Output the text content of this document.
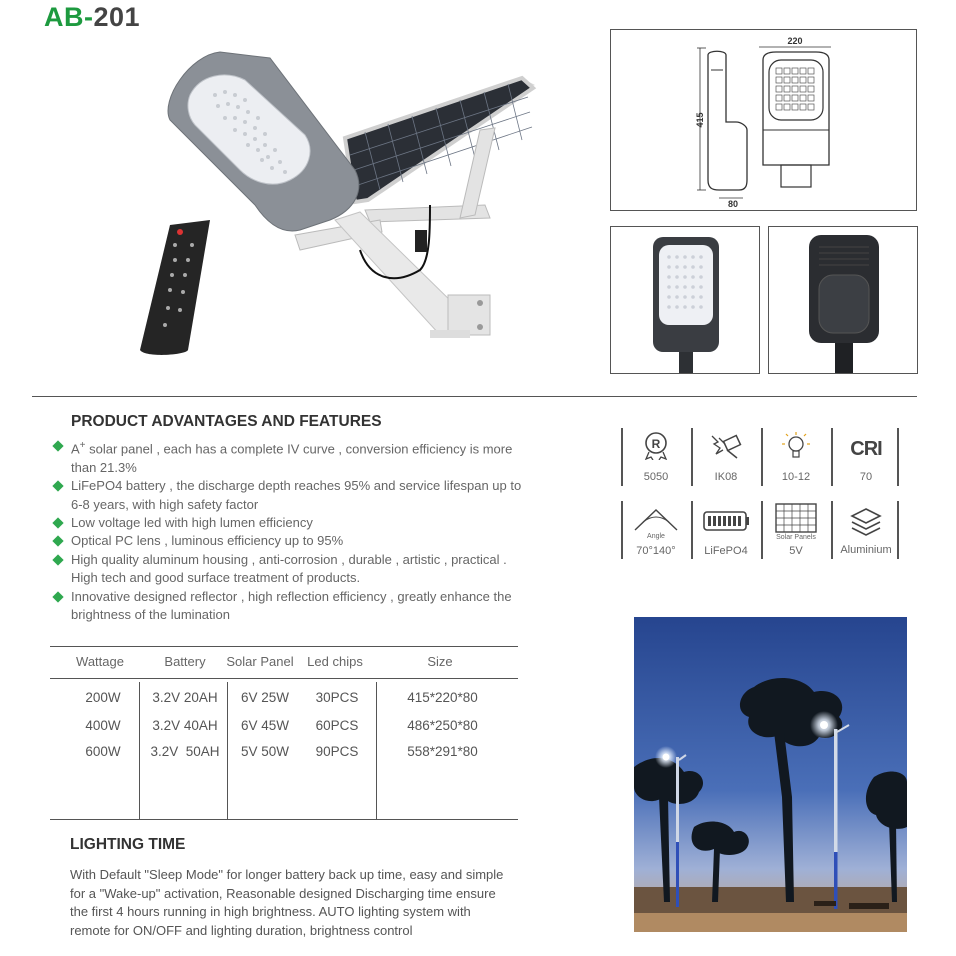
AB-201
415
80
220
PRODUCT ADVANTAGES AND FEATURES
A+ solar panel , each has a complete IV curve , conversion efficiency is more than 21.3%
LiFePO4 battery , the discharge depth reaches 95% and service lifespan up to 6-8 years, with high safety factor
Low voltage led with high lumen efficiency
Optical PC lens , luminous efficiency up to 95%
High quality aluminum housing , anti-corrosion , durable , artistic , practical . High tech and good surface treatment of products.
Innovative designed reflector , high reflection efficiency , greatly enhance the brightness of the lumination
R
5050	IK08	10-12
CRI
70
Angle
70°140°	LiFePO4
Solar Panels
5V	Aluminium
Wattage	Battery	Solar Panel	Led chips	Size
200W	3.2V 20AH	6V 25W	30PCS	415*220*80
400W	3.2V 40AH	6V 45W	60PCS	486*250*80
600W	3.2V  50AH	5V 50W	90PCS	558*291*80
LIGHTING TIME
With Default "Sleep Mode" for longer battery back up time, easy and simple for a "Wake-up" activation, Reasonable designed Discharging time ensure the first 4 hours running in high brightness. AUTO lighting system with remote for ON/OFF and lighting duration, brightness control
